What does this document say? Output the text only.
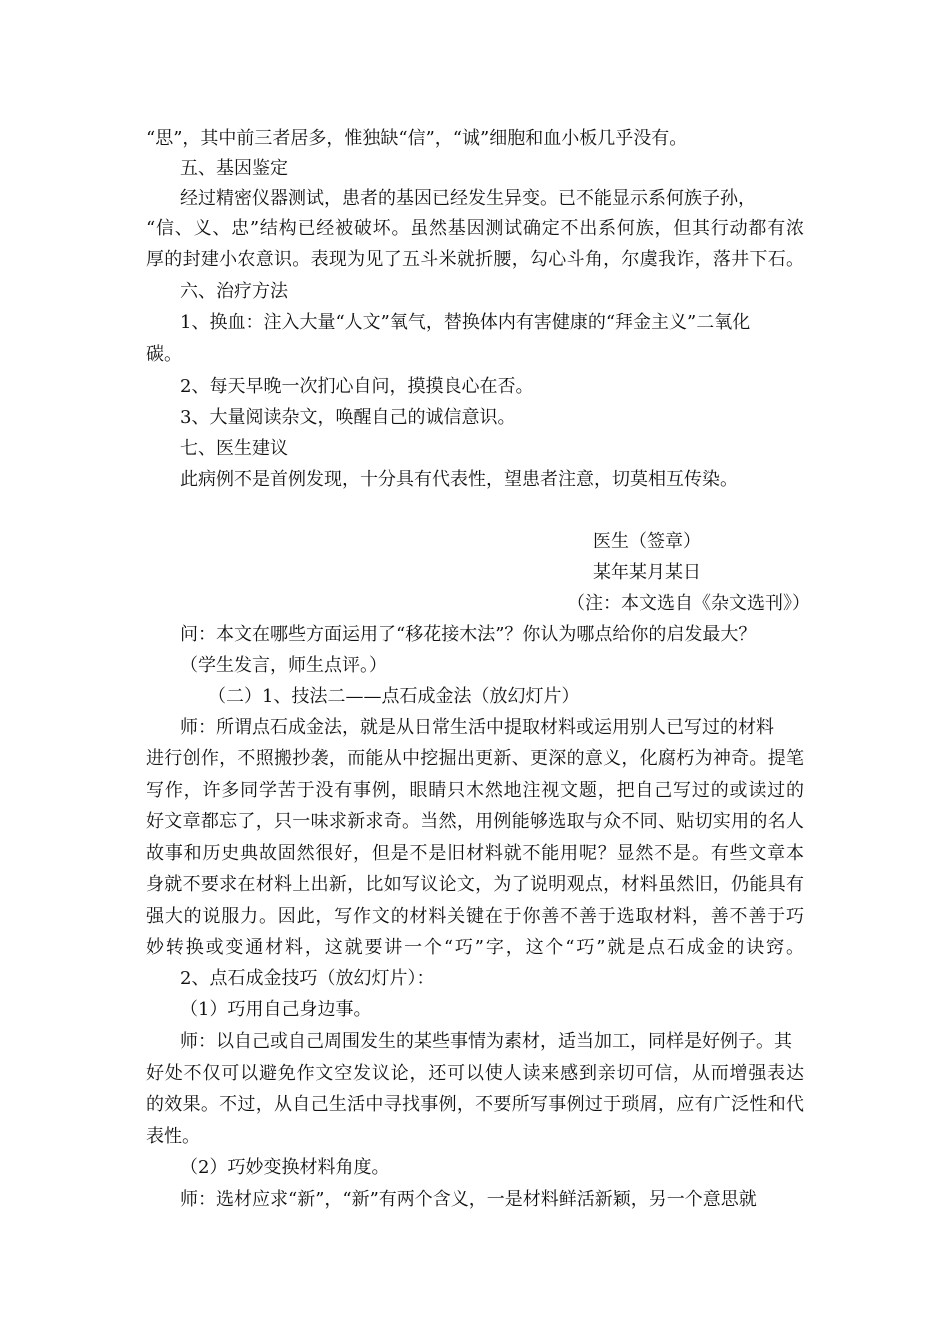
“思”，其中前三者居多，惟独缺“信”，“诚”细胞和血小板几乎没有。
五、基因鉴定
经过精密仪器测试，患者的基因已经发生异变。已不能显示系何族子孙，
“信、义、忠”结构已经被破坏。虽然基因测试确定不出系何族，但其行动都有浓
厚的封建小农意识。表现为见了五斗米就折腰，勾心斗角，尔虞我诈，落井下石。
六、治疗方法
1、换血：注入大量“人文”氧气，替换体内有害健康的“拜金主义”二氧化
碳。
2、每天早晚一次扪心自问，摸摸良心在否。
3、大量阅读杂文，唤醒自己的诚信意识。
七、医生建议
此病例不是首例发现，十分具有代表性，望患者注意，切莫相互传染。
医生（签章）
某年某月某日
（注：本文选自《杂文选刊》）
问：本文在哪些方面运用了“移花接木法”？你认为哪点给你的启发最大？
（学生发言，师生点评。）
（二）1、技法二——点石成金法（放幻灯片）
师：所谓点石成金法，就是从日常生活中提取材料或运用别人已写过的材料
进行创作，不照搬抄袭，而能从中挖掘出更新、更深的意义，化腐朽为神奇。提笔
写作，许多同学苦于没有事例，眼睛只木然地注视文题，把自己写过的或读过的
好文章都忘了，只一味求新求奇。当然，用例能够选取与众不同、贴切实用的名人
故事和历史典故固然很好，但是不是旧材料就不能用呢？显然不是。有些文章本
身就不要求在材料上出新，比如写议论文，为了说明观点，材料虽然旧，仍能具有
强大的说服力。因此，写作文的材料关键在于你善不善于选取材料，善不善于巧
妙转换或变通材料，这就要讲一个“巧”字，这个“巧”就是点石成金的诀窍。
2、点石成金技巧（放幻灯片）：
（1）巧用自己身边事。
师：以自己或自己周围发生的某些事情为素材，适当加工，同样是好例子。其
好处不仅可以避免作文空发议论，还可以使人读来感到亲切可信，从而增强表达
的效果。不过，从自己生活中寻找事例，不要所写事例过于琐屑，应有广泛性和代
表性。
（2）巧妙变换材料角度。
师：选材应求“新”，“新”有两个含义，一是材料鲜活新颖，另一个意思就
